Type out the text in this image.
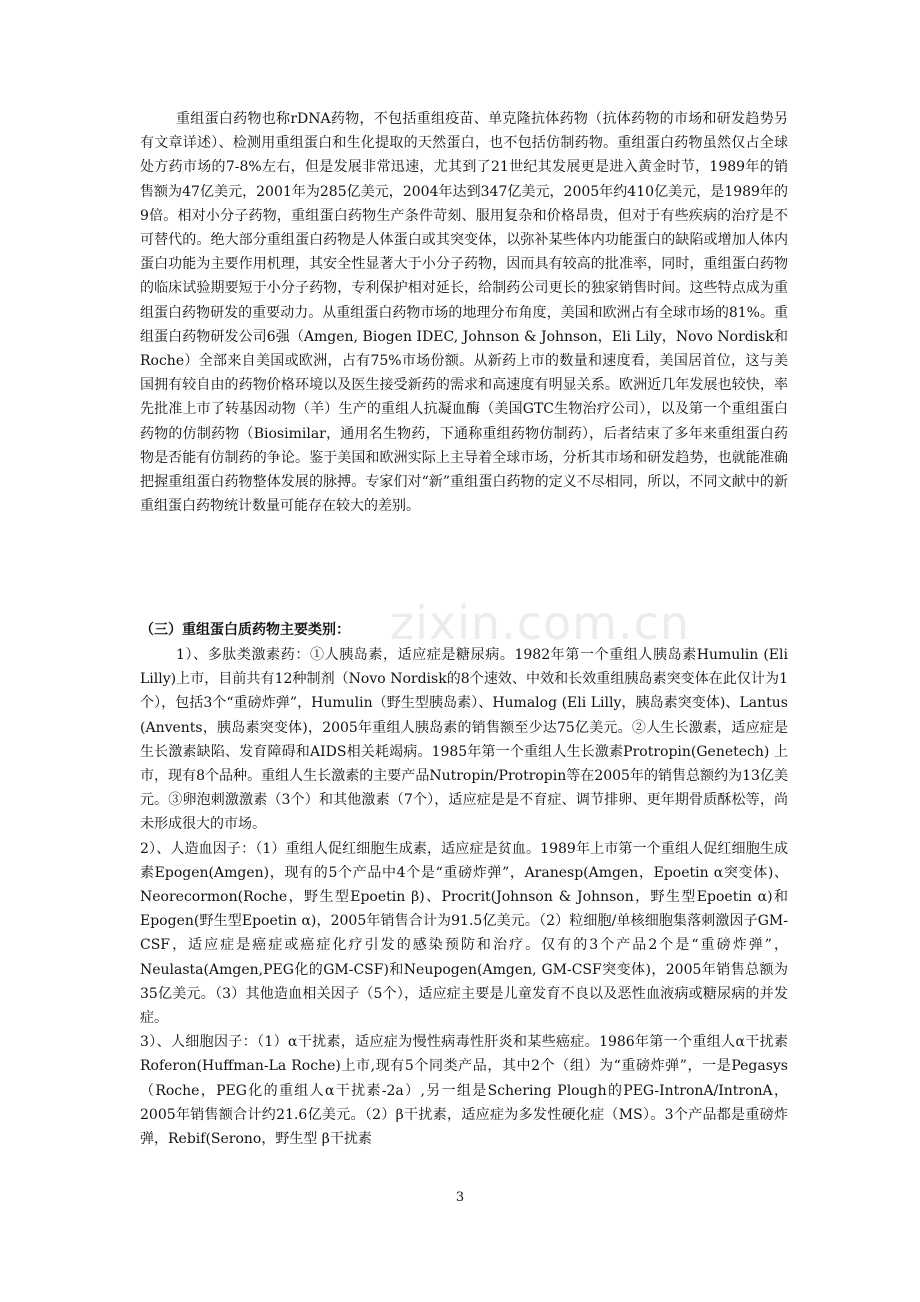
zixin.com.cn

重组蛋白药物也称rDNA药物，不包括重组疫苗、单克隆抗体药物（抗体药物的市场和研发趋势另有文章详述）、检测用重组蛋白和生化提取的天然蛋白，也不包括仿制药物。重组蛋白药物虽然仅占全球处方药市场的7-8%左右，但是发展非常迅速，尤其到了21世纪其发展更是进入黄金时节，1989年的销售额为47亿美元，2001年为285亿美元，2004年达到347亿美元，2005年约410亿美元，是1989年的9倍。相对小分子药物，重组蛋白药物生产条件苛刻、服用复杂和价格昂贵，但对于有些疾病的治疗是不可替代的。绝大部分重组蛋白药物是人体蛋白或其突变体，以弥补某些体内功能蛋白的缺陷或增加人体内蛋白功能为主要作用机理，其安全性显著大于小分子药物，因而具有较高的批准率，同时，重组蛋白药物的临床试验期要短于小分子药物，专利保护相对延长，给制药公司更长的独家销售时间。这些特点成为重组蛋白药物研发的重要动力。从重组蛋白药物市场的地理分布角度，美国和欧洲占有全球市场的81%。重组蛋白药物研发公司6强（Amgen, Biogen IDEC, Johnson & Johnson，Eli Lily，Novo Nordisk和Roche）全部来自美国或欧洲，占有75%市场份额。从新药上市的数量和速度看，美国居首位，这与美国拥有较自由的药物价格环境以及医生接受新药的需求和高速度有明显关系。欧洲近几年发展也较快，率先批准上市了转基因动物（羊）生产的重组人抗凝血酶（美国GTC生物治疗公司），以及第一个重组蛋白药物的仿制药物（Biosimilar，通用名生物药，下通称重组药物仿制药），后者结束了多年来重组蛋白药物是否能有仿制药的争论。鉴于美国和欧洲实际上主导着全球市场，分析其市场和研发趋势，也就能准确把握重组蛋白药物整体发展的脉搏。专家们对“新”重组蛋白药物的定义不尽相同，所以，不同文献中的新重组蛋白药物统计数量可能存在较大的差别。

（三）重组蛋白质药物主要类别：

1）、多肽类激素药：①人胰岛素，适应症是糖尿病。1982年第一个重组人胰岛素Humulin (Eli Lilly)上市，目前共有12种制剂（Novo Nordisk的8个速效、中效和长效重组胰岛素突变体在此仅计为1个），包括3个“重磅炸弹”，Humulin（野生型胰岛素）、Humalog (Eli Lilly，胰岛素突变体)、Lantus (Anvents，胰岛素突变体)，2005年重组人胰岛素的销售额至少达75亿美元。②人生长激素，适应症是生长激素缺陷、发育障碍和AIDS相关耗竭病。1985年第一个重组人生长激素Protropin(Genetech) 上市，现有8个品种。重组人生长激素的主要产品Nutropin/Protropin等在2005年的销售总额约为13亿美元。③卵泡刺激激素（3个）和其他激素（7个），适应症是是不育症、调节排卵、更年期骨质酥松等，尚未形成很大的市场。

2）、人造血因子：（1）重组人促红细胞生成素，适应症是贫血。1989年上市第一个重组人促红细胞生成素Epogen(Amgen)，现有的5个产品中4个是“重磅炸弹”，Aranesp(Amgen，Epoetin α突变体)、Neorecormon(Roche，野生型Epoetin β)、Procrit(Johnson & Johnson，野生型Epoetin α)和Epogen(野生型Epoetin α)，2005年销售合计为91.5亿美元。（2）粒细胞/单核细胞集落刺激因子GM-CSF，适应症是癌症或癌症化疗引发的感染预防和治疗。仅有的3个产品2个是“重磅炸弹”，Neulasta(Amgen,PEG化的GM-CSF)和Neupogen(Amgen, GM-CSF突变体)，2005年销售总额为35亿美元。（3）其他造血相关因子（5个），适应症主要是儿童发育不良以及恶性血液病或糖尿病的并发症。

3）、人细胞因子：（1）α干扰素，适应症为慢性病毒性肝炎和某些癌症。1986年第一个重组人α干扰素Roferon(Huffman-La Roche)上市,现有5个同类产品，其中2个（组）为“重磅炸弹”，一是Pegasys（Roche，PEG化的重组人α干扰素-2a）,另一组是Schering Plough的PEG-IntronA/IntronA，2005年销售额合计约21.6亿美元。（2）β干扰素，适应症为多发性硬化症（MS）。3个产品都是重磅炸弹，Rebif(Serono，野生型 β干扰素

3
